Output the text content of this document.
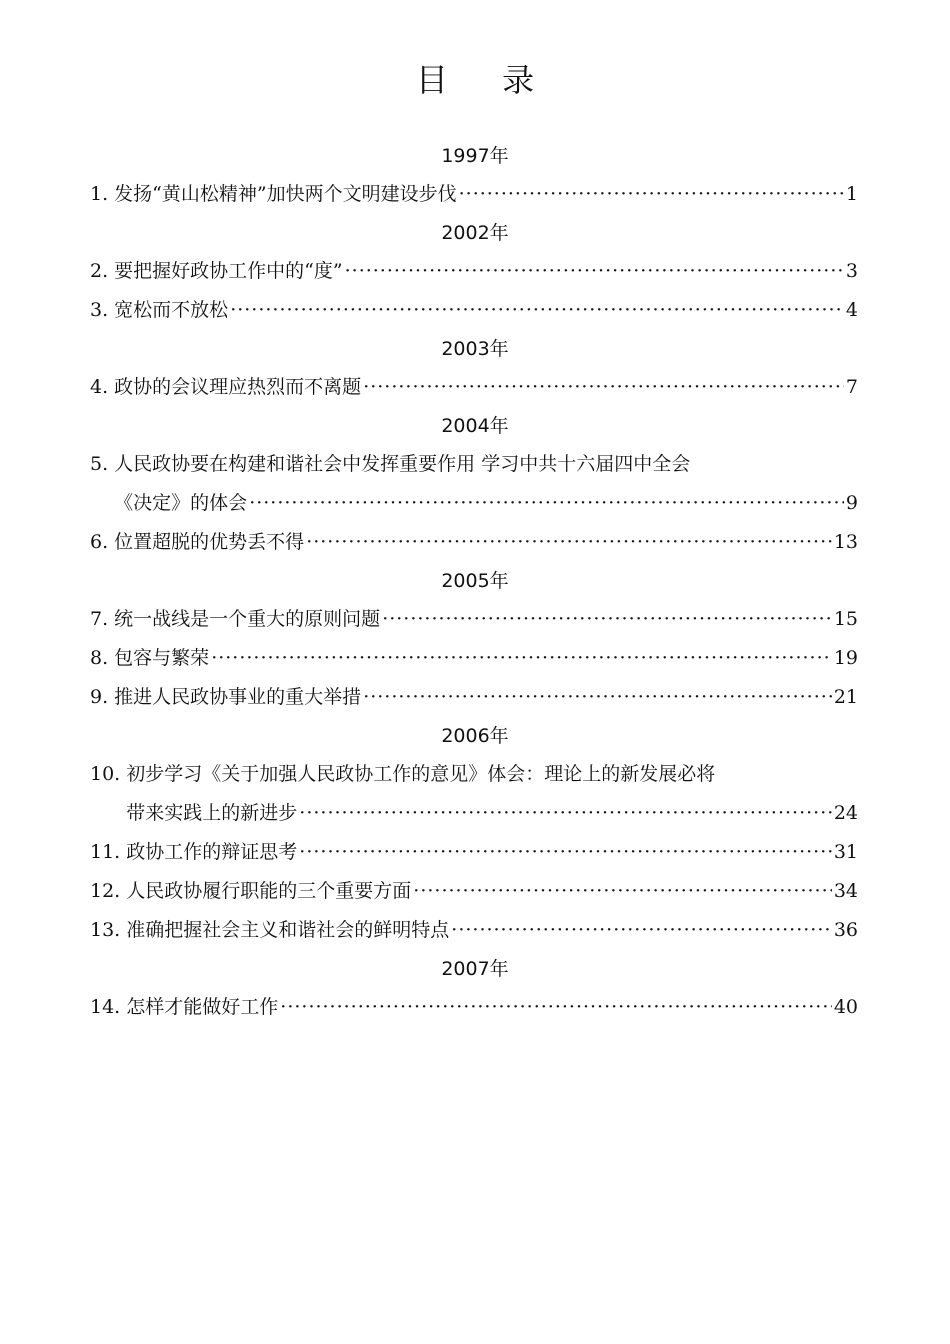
目 录
1997年
1. 发扬“黄山松精神”加快两个文明建设步伐 ·····	1
2002年
2. 要把握好政协工作中的“度” ·····	3
3. 宽松而不放松 ·····	4
2003年
4. 政协的会议理应热烈而不离题 ·····	7
2004年
5. 人民政协要在构建和谐社会中发挥重要作用 学习中共十六届四中全会
《决定》的体会 ·····	9
6. 位置超脱的优势丢不得 ·····	13
2005年
7. 统一战线是一个重大的原则问题 ·····	15
8. 包容与繁荣 ·····	19
9. 推进人民政协事业的重大举措 ·····	21
2006年
10. 初步学习《关于加强人民政协工作的意见》体会：理论上的新发展必将
带来实践上的新进步 ·····	24
11. 政协工作的辩证思考 ·····	31
12. 人民政协履行职能的三个重要方面 ·····	34
13. 准确把握社会主义和谐社会的鲜明特点 ·····	36
2007年
14. 怎样才能做好工作 ·····	40
